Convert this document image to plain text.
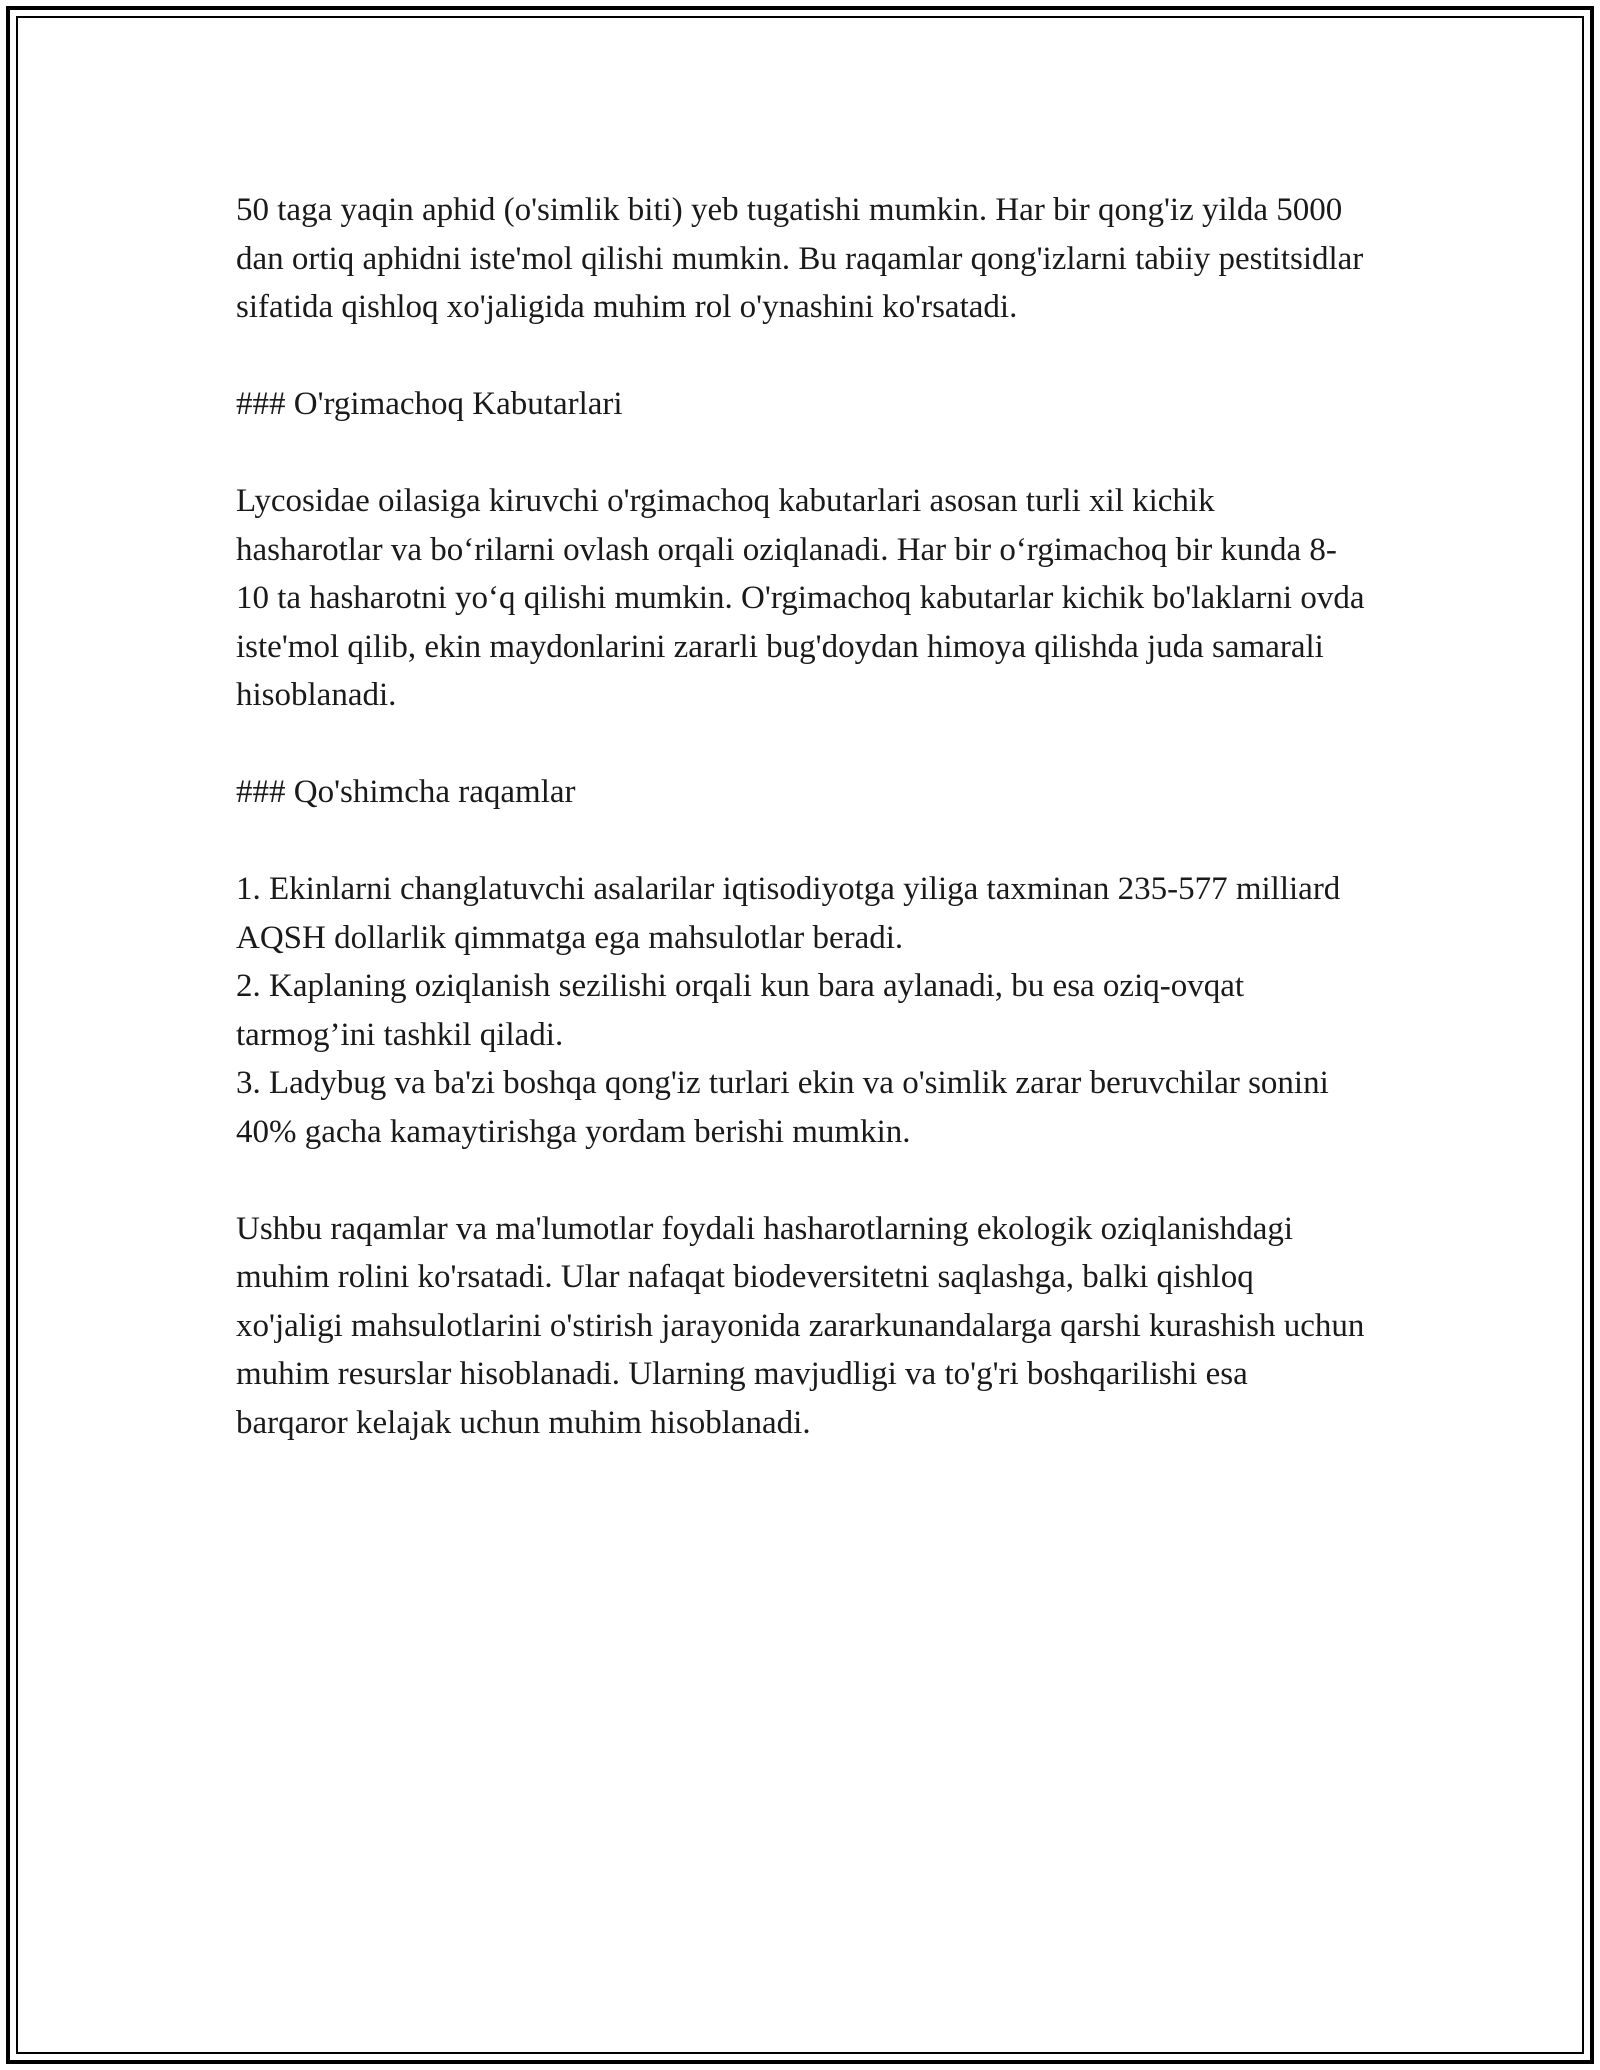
50 taga yaqin aphid (o'simlik biti) yeb tugatishi mumkin. Har bir qong'iz yilda 5000 dan ortiq aphidni iste'mol qilishi mumkin. Bu raqamlar qong'izlarni tabiiy pestitsidlar sifatida qishloq xo'jaligida muhim rol o'ynashini ko'rsatadi.

### O'rgimachoq Kabutarlari

Lycosidae oilasiga kiruvchi o'rgimachoq kabutarlari asosan turli xil kichik hasharotlar va bo‘rilarni ovlash orqali oziqlanadi. Har bir o‘rgimachoq bir kunda 8-10 ta hasharotni yo‘q qilishi mumkin. O'rgimachoq kabutarlar kichik bo'laklarni ovda iste'mol qilib, ekin maydonlarini zararli bug'doydan himoya qilishda juda samarali hisoblanadi.

### Qo'shimcha raqamlar

1. Ekinlarni changlatuvchi asalarilar iqtisodiyotga yiliga taxminan 235-577 milliard AQSH dollarlik qimmatga ega mahsulotlar beradi.

2. Kaplaning oziqlanish sezilishi orqali kun bara aylanadi, bu esa oziq-ovqat tarmog’ini tashkil qiladi.

3. Ladybug va ba'zi boshqa qong'iz turlari ekin va o'simlik zarar beruvchilar sonini 40% gacha kamaytirishga yordam berishi mumkin.

Ushbu raqamlar va ma'lumotlar foydali hasharotlarning ekologik oziqlanishdagi muhim rolini ko'rsatadi. Ular nafaqat biodeversitetni saqlashga, balki qishloq xo'jaligi mahsulotlarini o'stirish jarayonida zararkunandalarga qarshi kurashish uchun muhim resurslar hisoblanadi. Ularning mavjudligi va to'g'ri boshqarilishi esa barqaror kelajak uchun muhim hisoblanadi.
